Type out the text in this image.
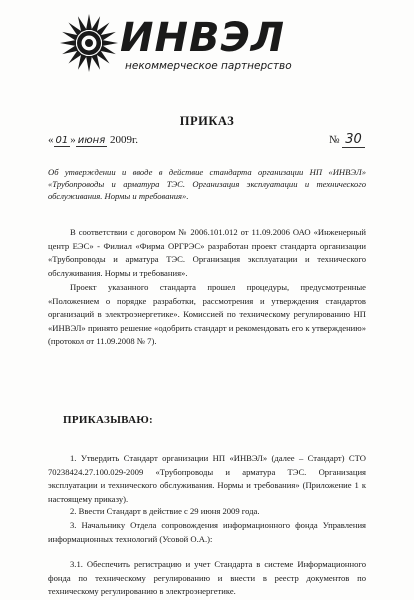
ИНВЭЛ
некоммерческое партнерство
ПРИКАЗ
« 01 » июня 2009г.	№ 30
Об утверждении и вводе в действие стандарта организации НП «ИНВЭЛ» «Трубопроводы и арматура ТЭС. Организация эксплуатации и технического обслуживания. Нормы и требования».
В соответствии с договором № 2006.101.012 от 11.09.2006 ОАО «Инженерный центр ЕЭС» - Филиал «Фирма ОРГРЭС» разработан проект стандарта организации «Трубопроводы и арматура ТЭС. Организация эксплуатации и технического обслуживания. Нормы и требования».
Проект указанного стандарта прошел процедуры, предусмотренные «Положением о порядке разработки, рассмотрения и утверждения стандартов организаций в электроэнергетике». Комиссией по техническому регулированию НП «ИНВЭЛ» принято решение «одобрить стандарт и рекомендовать его к утверждению» (протокол от 11.09.2008 № 7).
ПРИКАЗЫВАЮ:
1. Утвердить Стандарт организации НП «ИНВЭЛ» (далее – Стандарт) СТО 70238424.27.100.029-2009 «Трубопроводы и арматура ТЭС. Организация эксплуатации и технического обслуживания. Нормы и требования» (Приложение 1 к настоящему приказу).
2. Ввести Стандарт в действие с 29 июня 2009 года.
3. Начальнику Отдела сопровождения информационного фонда Управления информационных технологий (Усовой О.А.):
3.1. Обеспечить регистрацию и учет Стандарта в системе Информационного фонда по техническому регулированию и внести в реестр документов по техническому регулированию в электроэнергетике.
